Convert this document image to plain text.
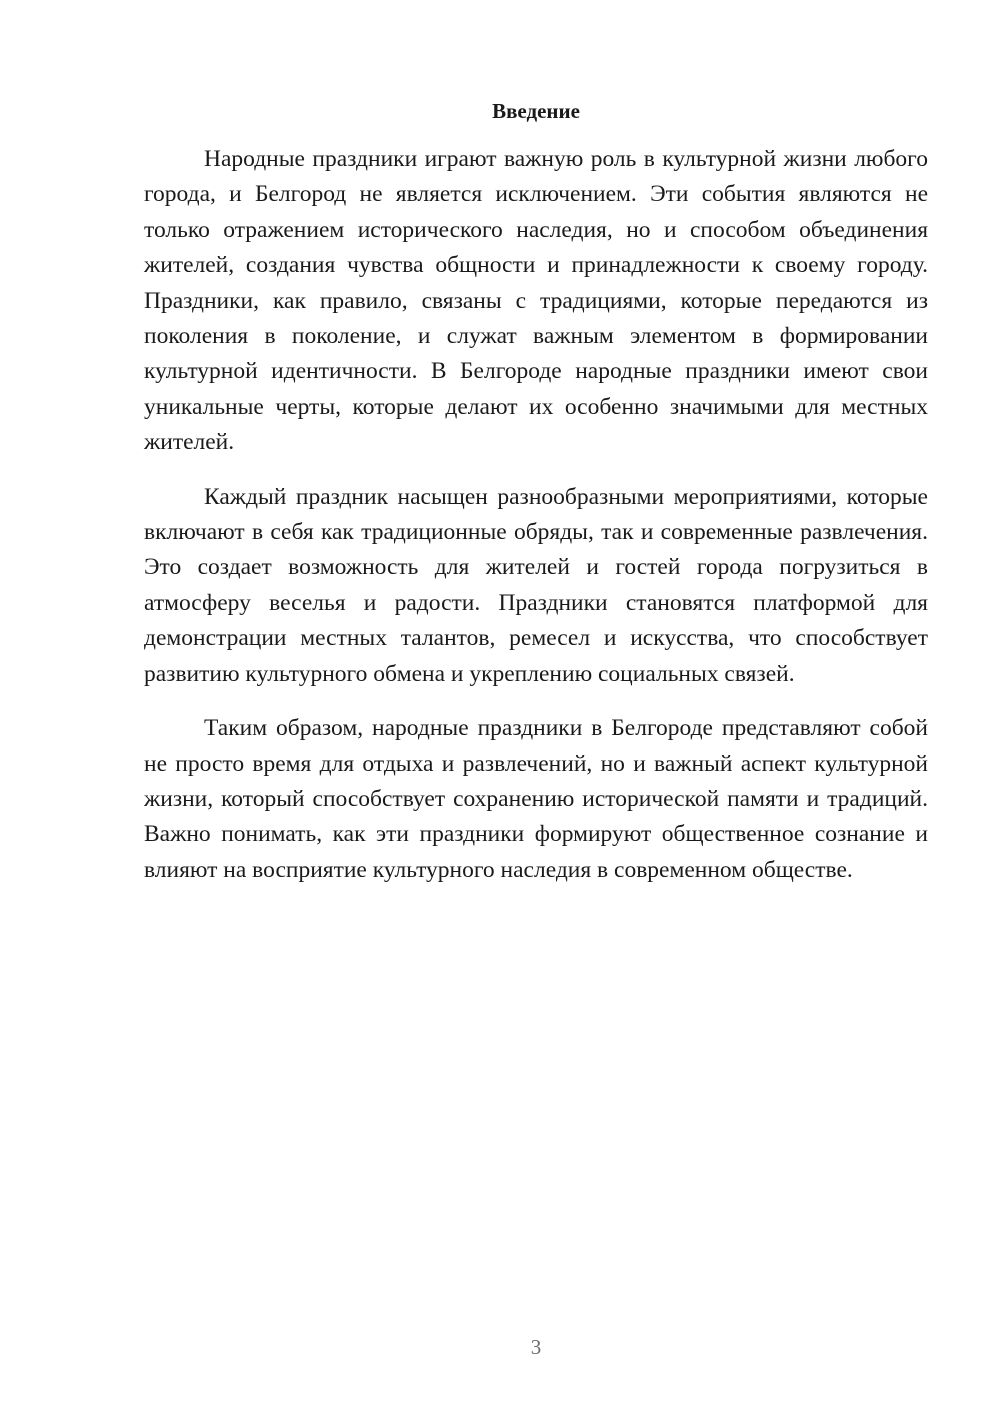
Введение

Народные праздники играют важную роль в культурной жизни любого города, и Белгород не является исключением. Эти события являются не только отражением исторического наследия, но и способом объединения жителей, создания чувства общности и принадлежности к своему городу. Праздники, как правило, связаны с традициями, которые передаются из поколения в поколение, и служат важным элементом в формировании культурной идентичности. В Белгороде народные праздники имеют свои уникальные черты, которые делают их особенно значимыми для местных жителей.

Каждый праздник насыщен разнообразными мероприятиями, которые включают в себя как традиционные обряды, так и современные развлечения. Это создает возможность для жителей и гостей города погрузиться в атмосферу веселья и радости. Праздники становятся платформой для демонстрации местных талантов, ремесел и искусства, что способствует развитию культурного обмена и укреплению социальных связей.

Таким образом, народные праздники в Белгороде представляют собой не просто время для отдыха и развлечений, но и важный аспект культурной жизни, который способствует сохранению исторической памяти и традиций. Важно понимать, как эти праздники формируют общественное сознание и влияют на восприятие культурного наследия в современном обществе.

3
